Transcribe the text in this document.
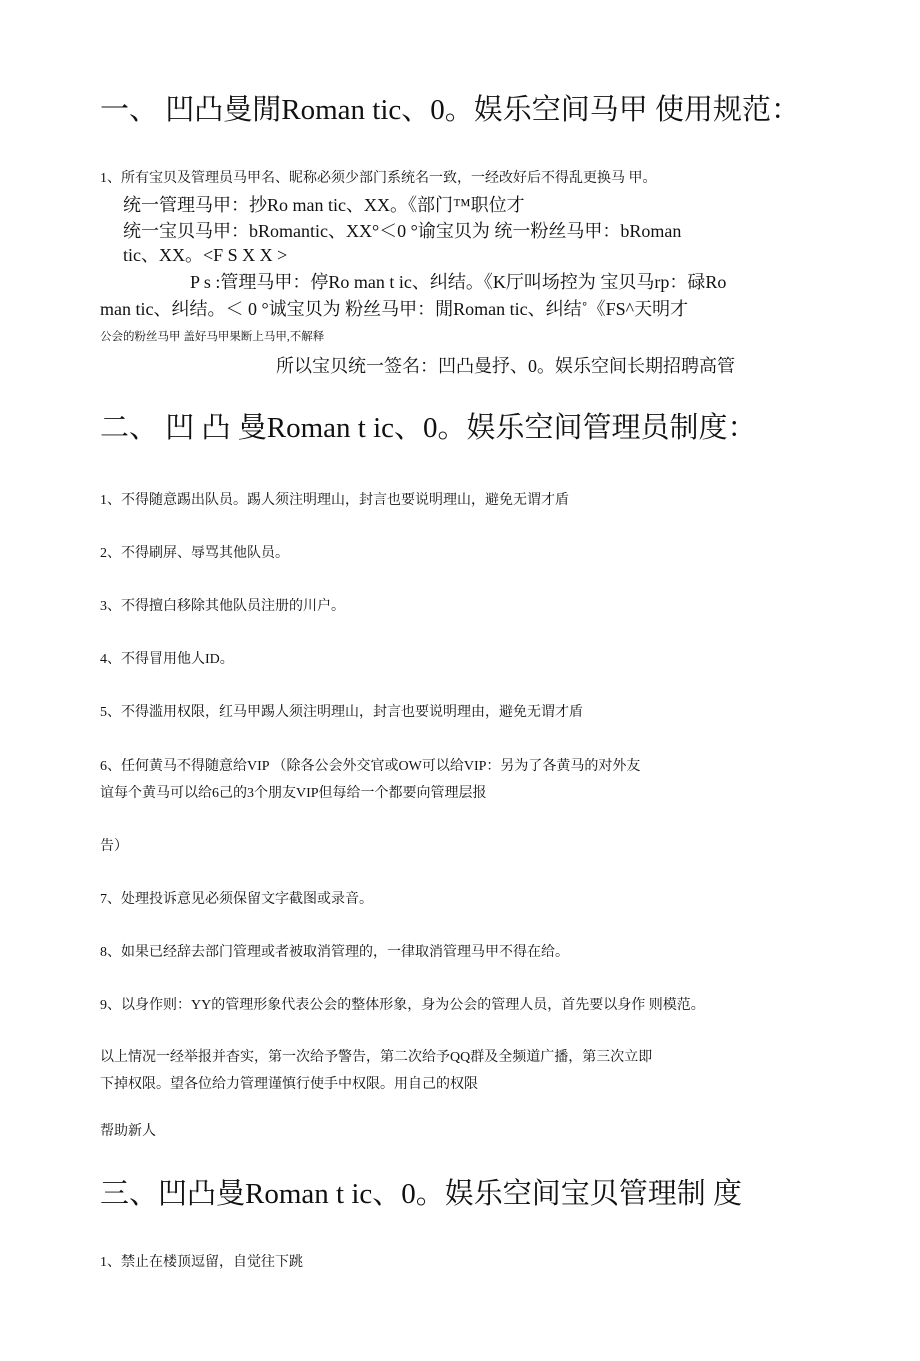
一、 凹凸曼閒Roman tic、0。娱乐空间马甲 使用规范：
1、所有宝贝及管理员马甲名、昵称必须少部门系统名一致，一经改好后不得乱更换马 甲。
统一管理马甲：抄Ro man tic、XX。《部门™职位才
统一宝贝马甲：bRomantic、XX°＜0 °谕宝贝为 统一粉丝马甲：bRoman
tic、XX。<F S X X >
P s :管理马甲：停Ro man t ic、纠结。《K厅叫场控为 宝贝马rp：碌Ro
man tic、纠结。＜ 0 °诚宝贝为 粉丝马甲：閒Roman tic、纠结˚《FS^天明才
公会的粉丝马甲 盖好马甲果断上马甲,不解释
所以宝贝统一签名：凹凸曼抒、0。娱乐空间长期招聘高管
二、 凹 凸 曼Roman t ic、0。娱乐空间管理员制度：
1、不得随意踢出队员。踢人须注明理山，封言也要说明理山，避免无谓才盾
2、不得刷屏、辱骂其他队员。
3、不得擅白移除其他队员注册的川户。
4、不得冒用他人ID。
5、不得滥用权限，红马甲踢人须注明理山，封言也要说明理由，避免无谓才盾
6、任何黄马不得随意给VIP （除各公会外交官或OW可以给VIP：另为了各黄马的对外友
谊每个黄马可以给6己的3个朋友VIP但每给一个都要向管理层报
告）
7、处理投诉意见必须保留文字截图或录音。
8、如果已经辞去部门管理或者被取消管理的，一律取消管理马甲不得在给。
9、以身作则：YY的管理形象代表公会的整体形象，身为公会的管理人员，首先要以身作 则模范。
以上情况一经举报并杳实，第一次给予警告，第二次给予QQ群及全频道广播，第三次立即
下掉权限。望各位给力管理谨慎行使手中权限。用自己的权限
帮助新人
三、凹凸曼Roman t ic、0。娱乐空间宝贝管理制 度
1、禁止在楼顶逗留，自觉往下跳
